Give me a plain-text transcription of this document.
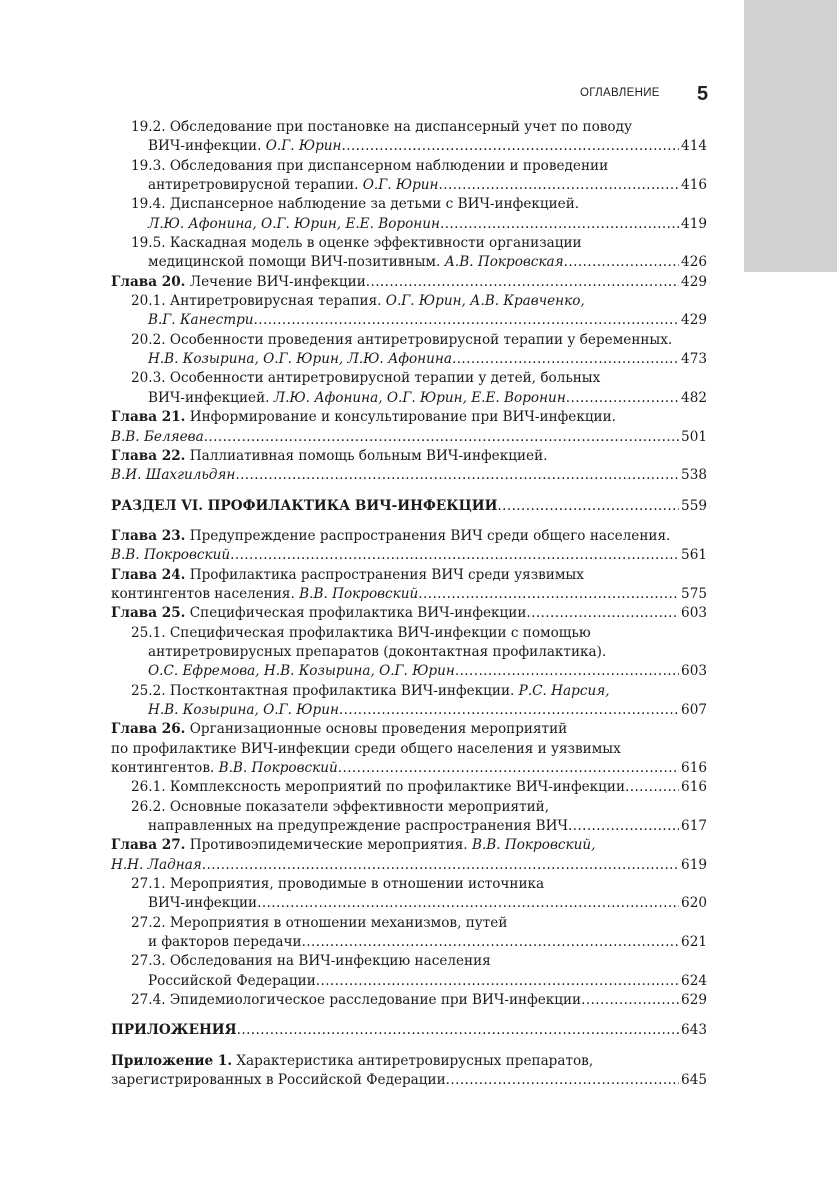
ОГЛАВЛЕНИЕ 5
19.2. Обследование при постановке на диспансерный учет по поводу
ВИЧ-инфекции. О.Г. Юрин .....	414
19.3. Обследования при диспансерном наблюдении и проведении
антиретровирусной терапии. О.Г. Юрин .....	416
19.4. Диспансерное наблюдение за детьми с ВИЧ-инфекцией.
Л.Ю. Афонина, О.Г. Юрин, Е.Е. Воронин .....	419
19.5. Каскадная модель в оценке эффективности организации
медицинской помощи ВИЧ-позитивным. А.В. Покровская .....	426
Глава 20. Лечение ВИЧ-инфекции .....	429
20.1. Антиретровирусная терапия. О.Г. Юрин, А.В. Кравченко,
В.Г. Канестри .....	429
20.2. Особенности проведения антиретровирусной терапии у беременных.
Н.В. Козырина, О.Г. Юрин, Л.Ю. Афонина .....	473
20.3. Особенности антиретровирусной терапии у детей, больных
ВИЧ-инфекцией. Л.Ю. Афонина, О.Г. Юрин, Е.Е. Воронин .....	482
Глава 21. Информирование и консультирование при ВИЧ-инфекции.
В.В. Беляева .....	501
Глава 22. Паллиативная помощь больным ВИЧ-инфекцией.
В.И. Шахгильдян .....	538
РАЗДЕЛ VI. ПРОФИЛАКТИКА ВИЧ-ИНФЕКЦИИ .....	559
Глава 23. Предупреждение распространения ВИЧ среди общего населения.
В.В. Покровский .....	561
Глава 24. Профилактика распространения ВИЧ среди уязвимых
контингентов населения. В.В. Покровский .....	575
Глава 25. Специфическая профилактика ВИЧ-инфекции .....	603
25.1. Специфическая профилактика ВИЧ-инфекции с помощью
антиретровирусных препаратов (доконтактная профилактика).
О.С. Ефремова, Н.В. Козырина, О.Г. Юрин .....	603
25.2. Постконтактная профилактика ВИЧ-инфекции. Р.С. Нарсия,
Н.В. Козырина, О.Г. Юрин .....	607
Глава 26. Организационные основы проведения мероприятий
по профилактике ВИЧ-инфекции среди общего населения и уязвимых
контингентов. В.В. Покровский .....	616
26.1. Комплексность мероприятий по профилактике ВИЧ-инфекции .....	616
26.2. Основные показатели эффективности мероприятий,
направленных на предупреждение распространения ВИЧ .....	617
Глава 27. Противоэпидемические мероприятия. В.В. Покровский,
Н.Н. Ладная .....	619
27.1. Мероприятия, проводимые в отношении источника
ВИЧ-инфекции .....	620
27.2. Мероприятия в отношении механизмов, путей
и факторов передачи .....	621
27.3. Обследования на ВИЧ-инфекцию населения
Российской Федерации .....	624
27.4. Эпидемиологическое расследование при ВИЧ-инфекции .....	629
ПРИЛОЖЕНИЯ .....	643
Приложение 1. Характеристика антиретровирусных препаратов,
зарегистрированных в Российской Федерации .....	645
